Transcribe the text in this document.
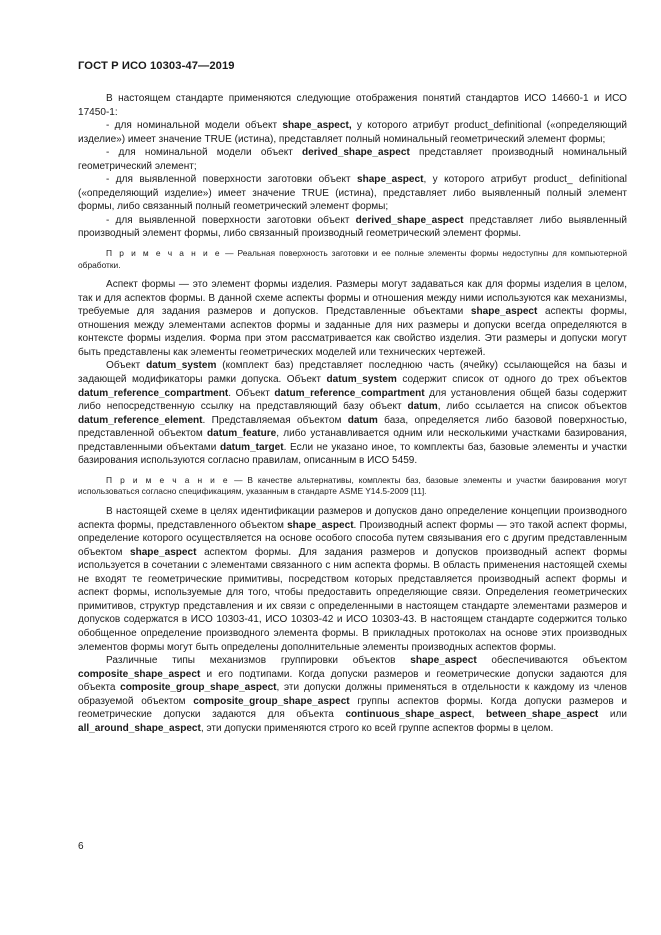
ГОСТ Р ИСО 10303-47—2019

В настоящем стандарте применяются следующие отображения понятий стандартов ИСО 14660-1 и ИСО 17450-1:

- для номинальной модели объект shape_aspect, у которого атрибут product_definitional («определяющий изделие») имеет значение TRUE (истина), представляет полный номинальный геометрический элемент формы;

- для номинальной модели объект derived_shape_aspect представляет производный номинальный геометрический элемент;

- для выявленной поверхности заготовки объект shape_aspect, у которого атрибут product_ definitional («определяющий изделие») имеет значение TRUE (истина), представляет либо выявленный полный элемент формы, либо связанный полный геометрический элемент формы;

- для выявленной поверхности заготовки объект derived_shape_aspect представляет либо выявленный производный элемент формы, либо связанный производный геометрический элемент формы.

П р и м е ч а н и е — Реальная поверхность заготовки и ее полные элементы формы недоступны для компьютерной обработки.

Аспект формы — это элемент формы изделия. Размеры могут задаваться как для формы изделия в целом, так и для аспектов формы. В данной схеме аспекты формы и отношения между ними используются как механизмы, требуемые для задания размеров и допусков. Представленные объектами shape_aspect аспекты формы, отношения между элементами аспектов формы и заданные для них размеры и допуски всегда определяются в контексте формы изделия. Форма при этом рассматривается как свойство изделия. Эти размеры и допуски могут быть представлены как элементы геометрических моделей или технических чертежей.

Объект datum_system (комплект баз) представляет последнюю часть (ячейку) ссылающейся на базы и задающей модификаторы рамки допуска. Объект datum_system содержит список от одного до трех объектов datum_reference_compartment. Объект datum_reference_compartment для установления общей базы содержит либо непосредственную ссылку на представляющий базу объект datum, либо ссылается на список объектов datum_reference_element. Представляемая объектом datum база, определяется либо базовой поверхностью, представленной объектом datum_feature, либо устанавливается одним или несколькими участками базирования, представленными объектами datum_target. Если не указано иное, то комплекты баз, базовые элементы и участки базирования используются согласно правилам, описанным в ИСО 5459.

П р и м е ч а н и е — В качестве альтернативы, комплекты баз, базовые элементы и участки базирования могут использоваться согласно спецификациям, указанным в стандарте ASME Y14.5-2009 [11].

В настоящей схеме в целях идентификации размеров и допусков дано определение концепции производного аспекта формы, представленного объектом shape_aspect. Производный аспект формы — это такой аспект формы, определение которого осуществляется на основе особого способа путем связывания его с другим представленным объектом shape_aspect аспектом формы. Для задания размеров и допусков производный аспект формы используется в сочетании с элементами связанного с ним аспекта формы. В область применения настоящей схемы не входят те геометрические примитивы, посредством которых представляется производный аспект формы и аспект формы, используемые для того, чтобы предоставить определяющие связи. Определения геометрических примитивов, структур представления и их связи с определенными в настоящем стандарте элементами размеров и допусков содержатся в ИСО 10303-41, ИСО 10303-42 и ИСО 10303-43. В настоящем стандарте содержится только обобщенное определение производного элемента формы. В прикладных протоколах на основе этих производных элементов формы могут быть определены дополнительные элементы производных аспектов формы.

Различные типы механизмов группировки объектов shape_aspect обеспечиваются объектом composite_shape_aspect и его подтипами. Когда допуски размеров и геометрические допуски задаются для объекта composite_group_shape_aspect, эти допуски должны применяться в отдельности к каждому из членов образуемой объектом composite_group_shape_aspect группы аспектов формы. Когда допуски размеров и геометрические допуски задаются для объекта continuous_shape_aspect, between_shape_aspect или all_around_shape_aspect, эти допуски применяются строго ко всей группе аспектов формы в целом.

6
